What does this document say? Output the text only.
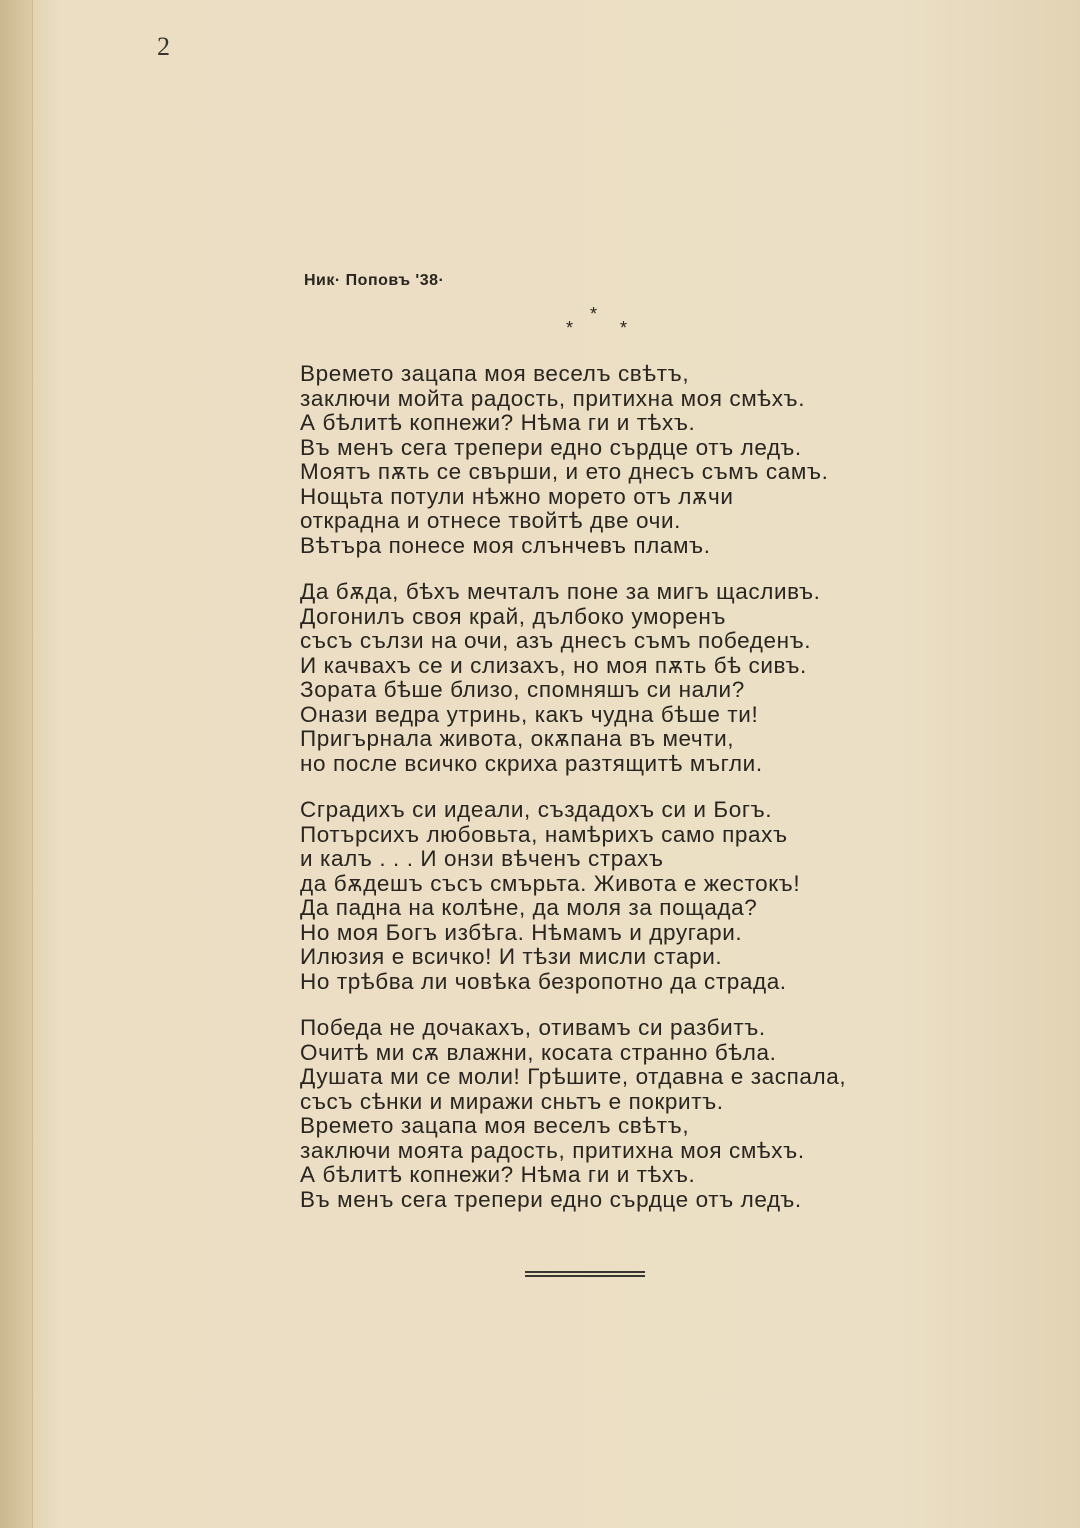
2
Ник· Поповъ '38·
*
*	*
Времето зацапа моя веселъ свѣтъ,
заключи мойта радость, притихна моя смѣхъ.
А бѣлитѣ копнежи? Нѣма ги и тѣхъ.
Въ менъ сега трепери едно сърдце отъ ледъ.
Моятъ пѫть се свърши, и ето днесъ съмъ самъ.
Нощьта потули нѣжно морето отъ лѫчи
открадна и отнесе твойтѣ две очи.
Вѣтъра понесе моя слънчевъ пламъ.
Да бѫда, бѣхъ мечталъ поне за мигъ щасливъ.
Догонилъ своя край, дълбоко уморенъ
съсъ сълзи на очи, азъ днесъ съмъ победенъ.
И качвахъ се и слизахъ, но моя пѫть бѣ сивъ.
Зората бѣше близо, спомняшъ си нали?
Онази ведра утринь, какъ чудна бѣше ти!
Пригърнала живота, окѫпана въ мечти,
но после всичко скриха разтящитѣ мъгли.
Сградихъ си идеали, създадохъ си и Богъ.
Потърсихъ любовьта, намѣрихъ само прахъ
и калъ . . . И онзи вѣченъ страхъ
да бѫдешъ съсъ смърьта. Живота е жестокъ!
Да падна на колѣне, да моля за пощада?
Но моя Богъ избѣга. Нѣмамъ и другари.
Илюзия е всичко! И тѣзи мисли стари.
Но трѣбва ли човѣка безропотно да страда.
Победа не дочакахъ, отивамъ си разбитъ.
Очитѣ ми сѫ влажни, косата странно бѣла.
Душата ми се моли! Грѣшите, отдавна е заспала,
съсъ сѣнки и миражи сньтъ е покритъ.
Времето зацапа моя веселъ свѣтъ,
заключи моята радость, притихна моя смѣхъ.
А бѣлитѣ копнежи? Нѣма ги и тѣхъ.
Въ менъ сега трепери едно сърдце отъ ледъ.
